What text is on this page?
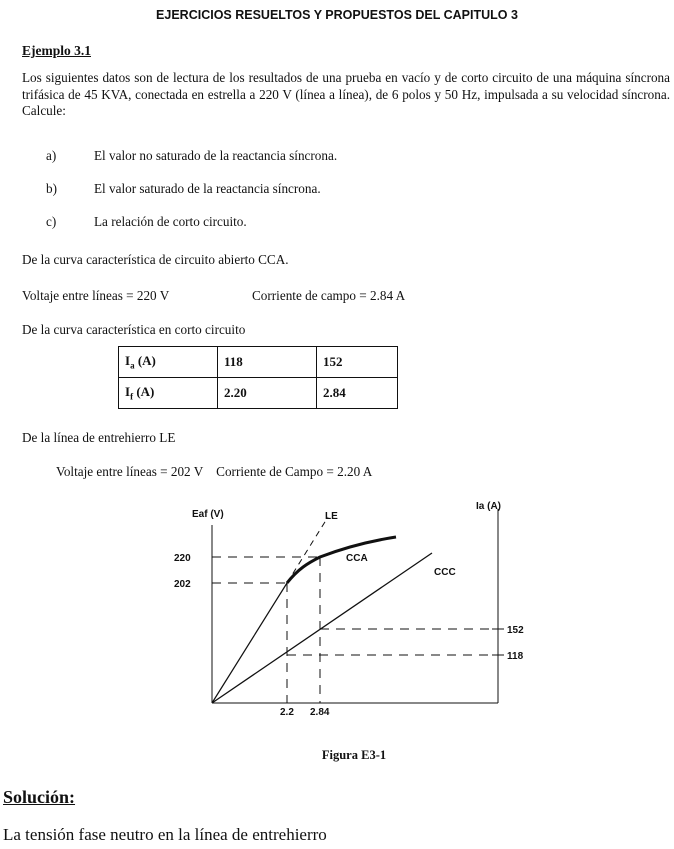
EJERCICIOS RESUELTOS Y PROPUESTOS DEL CAPITULO 3
Ejemplo 3.1
Los siguientes datos son de lectura de los resultados de una prueba en vacío y de corto circuito de una máquina síncrona trifásica de 45 KVA, conectada en estrella a 220 V (línea a línea), de 6 polos y 50 Hz, impulsada a su velocidad síncrona. Calcule:
a)	El valor no saturado de la reactancia síncrona.
b)	El valor saturado de la reactancia síncrona.
c)	La relación de corto circuito.
De la curva característica de circuito abierto CCA.
Voltaje entre líneas = 220 V	Corriente de campo = 2.84 A
De la curva característica en corto circuito
$I_a$ (A)	118	152
$I_f$ (A)	2.20	2.84
De la línea de entrehierro LE
Voltaje entre líneas = 202 V    Corriente de Campo = 2.20 A
Eaf (V)
Ia (A)
220
202
152
118
2.2 2.84
LE
CCA
CCC
Figura E3-1
Solución:
La tensión fase neutro en la línea de entrehierro
